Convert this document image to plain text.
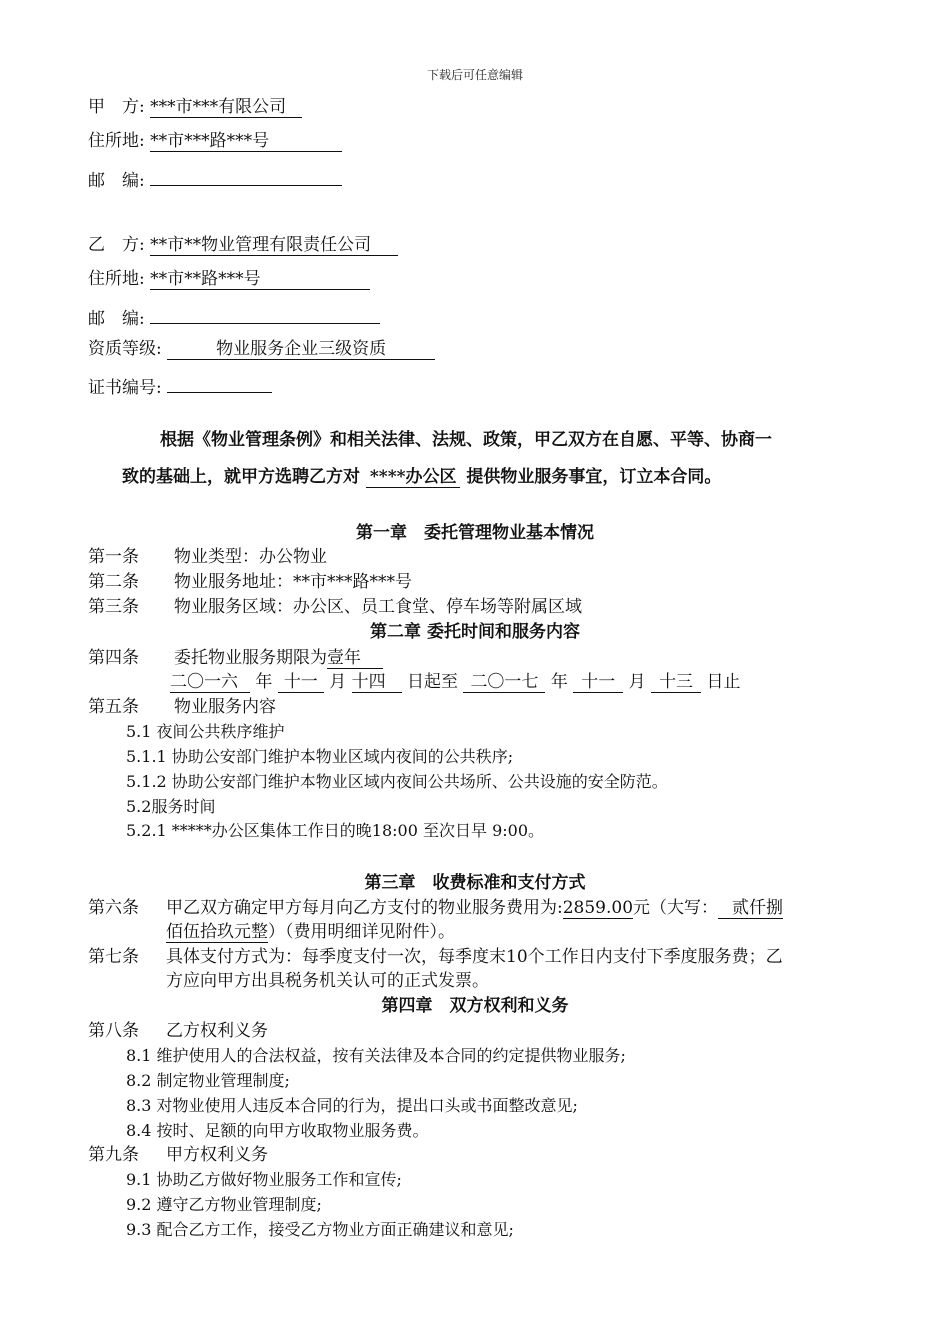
下载后可任意编辑
甲　方: ***市***有限公司
住所地: **市***路***号
邮　编:
乙　方: **市**物业管理有限责任公司
住所地: **市**路***号
邮　编:
资质等级:	物业服务企业三级资质
证书编号:
根据《物业管理条例》和相关法律、法规、政策，甲乙双方在自愿、平等、协商一
致的基础上，就甲方选聘乙方对 ****办公区 提供物业服务事宜，订立本合同。
第一章　委托管理物业基本情况
第一条 物业类型：办公物业
第二条 物业服务地址：**市***路***号
第三条 物业服务区域：办公区、员工食堂、停车场等附属区域
第二章 委托时间和服务内容
第四条 委托物业服务期限为壹年
二〇一六 年 十一 月 十四 日起至 二〇一七 年 十一 月 十三 日止
第五条 物业服务内容
5.1 夜间公共秩序维护
5.1.1 协助公安部门维护本物业区域内夜间的公共秩序;
5.1.2 协助公安部门维护本物业区域内夜间公共场所、公共设施的安全防范。
5.2服务时间
5.2.1 *****办公区集体工作日的晚18:00 至次日早 9:00。
第三章　收费标准和支付方式
第六条 甲乙双方确定甲方每月向乙方支付的物业服务费用为:2859.00元（大写： 贰仟捌
佰伍拾玖元整）（费用明细详见附件）。
第七条 具体支付方式为：每季度支付一次，每季度末10个工作日内支付下季度服务费；乙
方应向甲方出具税务机关认可的正式发票。
第四章　双方权利和义务
第八条 乙方权利义务
8.1 维护使用人的合法权益，按有关法律及本合同的约定提供物业服务;
8.2 制定物业管理制度;
8.3 对物业使用人违反本合同的行为，提出口头或书面整改意见;
8.4 按时、足额的向甲方收取物业服务费。
第九条 甲方权利义务
9.1 协助乙方做好物业服务工作和宣传;
9.2 遵守乙方物业管理制度;
9.3 配合乙方工作，接受乙方物业方面正确建议和意见;
